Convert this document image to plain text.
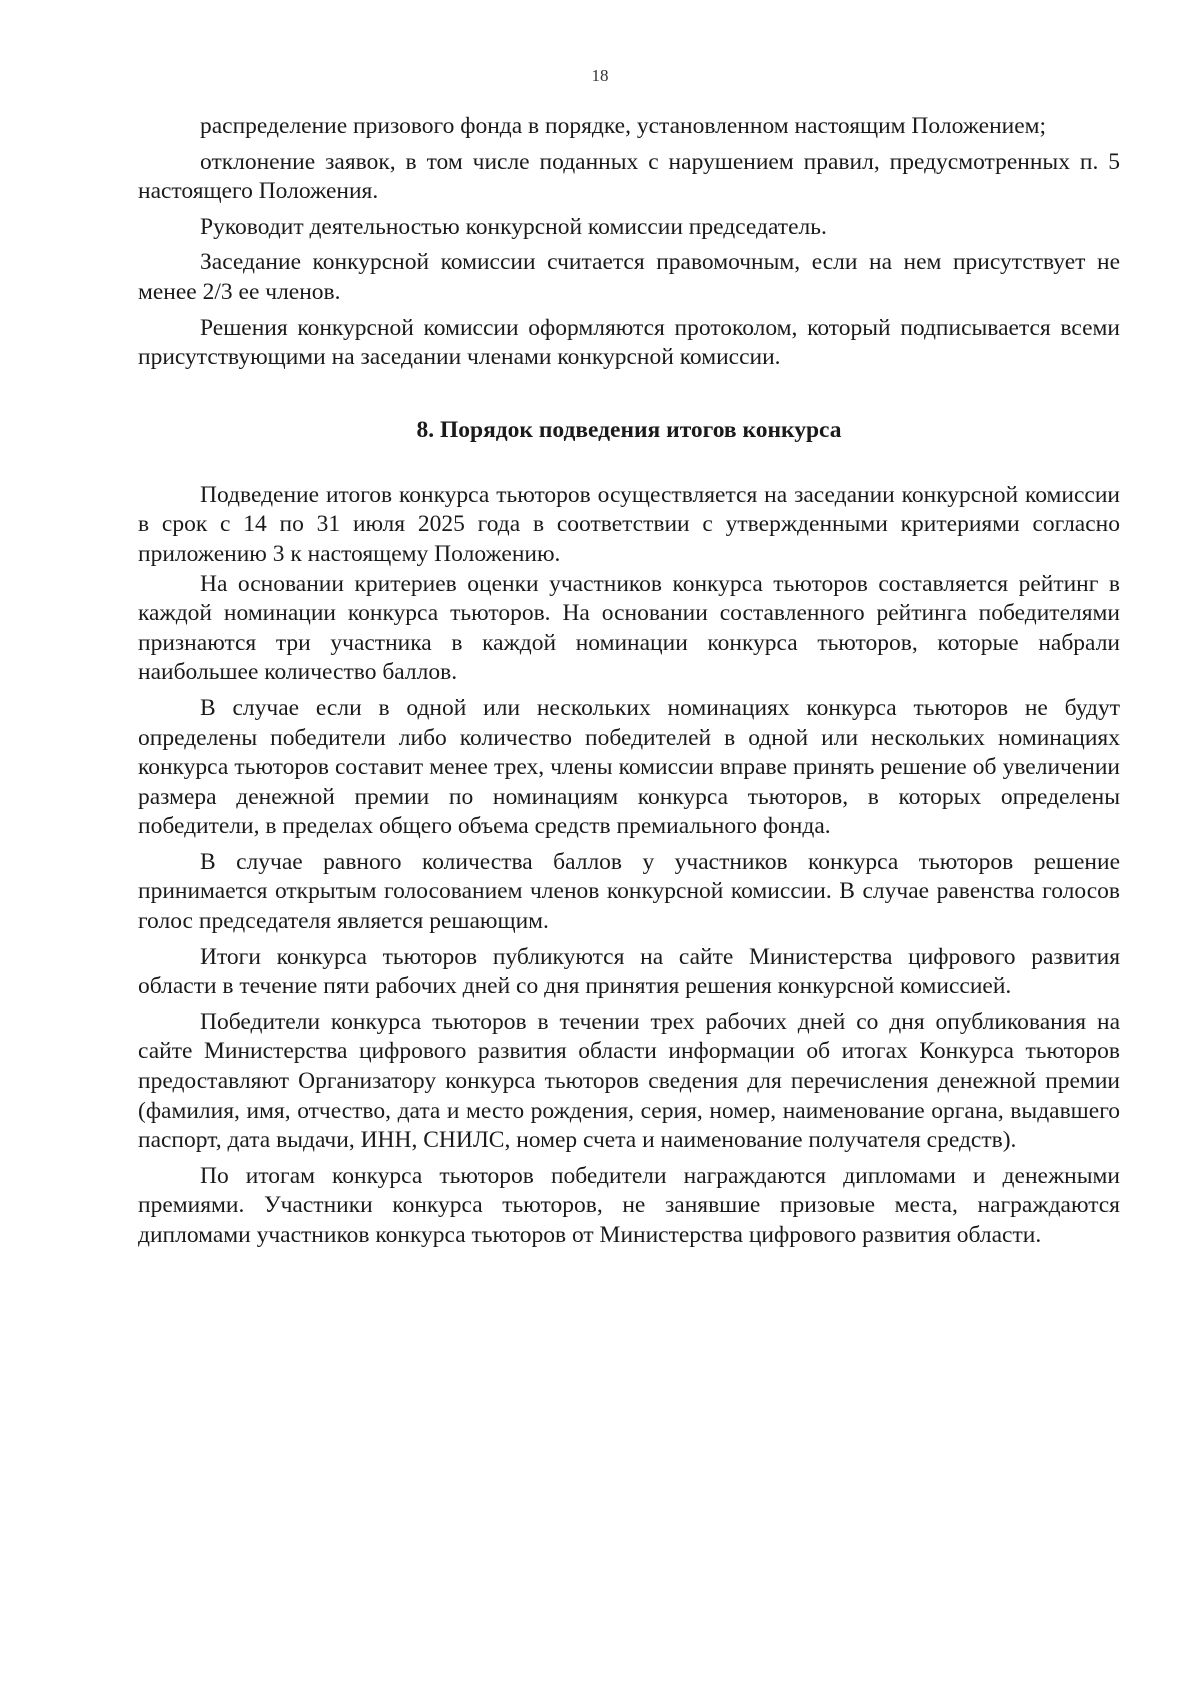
18

распределение призового фонда в порядке, установленном настоящим Положением;

отклонение заявок, в том числе поданных с нарушением правил, предусмотренных п. 5 настоящего Положения.

Руководит деятельностью конкурсной комиссии председатель.

Заседание конкурсной комиссии считается правомочным, если на нем присутствует не менее 2/3 ее членов.

Решения конкурсной комиссии оформляются протоколом, который подписывается всеми присутствующими на заседании членами конкурсной комиссии.

8. Порядок подведения итогов конкурса

Подведение итогов конкурса тьюторов осуществляется на заседании конкурсной комиссии в срок с 14 по 31 июля 2025 года в соответствии с утвержденными критериями согласно приложению 3 к настоящему Положению.

На основании критериев оценки участников конкурса тьюторов составляется рейтинг в каждой номинации конкурса тьюторов. На основании составленного рейтинга победителями признаются три участника в каждой номинации конкурса тьюторов, которые набрали наибольшее количество баллов.

В случае если в одной или нескольких номинациях конкурса тьюторов не будут определены победители либо количество победителей в одной или нескольких номинациях конкурса тьюторов составит менее трех, члены комиссии вправе принять решение об увеличении размера денежной премии по номинациям конкурса тьюторов, в которых определены победители, в пределах общего объема средств премиального фонда.

В случае равного количества баллов у участников конкурса тьюторов решение принимается открытым голосованием членов конкурсной комиссии. В случае равенства голосов голос председателя является решающим.

Итоги конкурса тьюторов публикуются на сайте Министерства цифрового развития области в течение пяти рабочих дней со дня принятия решения конкурсной комиссией.

Победители конкурса тьюторов в течении трех рабочих дней со дня опубликования на сайте Министерства цифрового развития области информации об итогах Конкурса тьюторов предоставляют Организатору конкурса тьюторов сведения для перечисления денежной премии (фамилия, имя, отчество, дата и место рождения, серия, номер, наименование органа, выдавшего паспорт, дата выдачи, ИНН, СНИЛС, номер счета и наименование получателя средств).

По итогам конкурса тьюторов победители награждаются дипломами и денежными премиями. Участники конкурса тьюторов, не занявшие призовые места, награждаются дипломами участников конкурса тьюторов от Министерства цифрового развития области.
